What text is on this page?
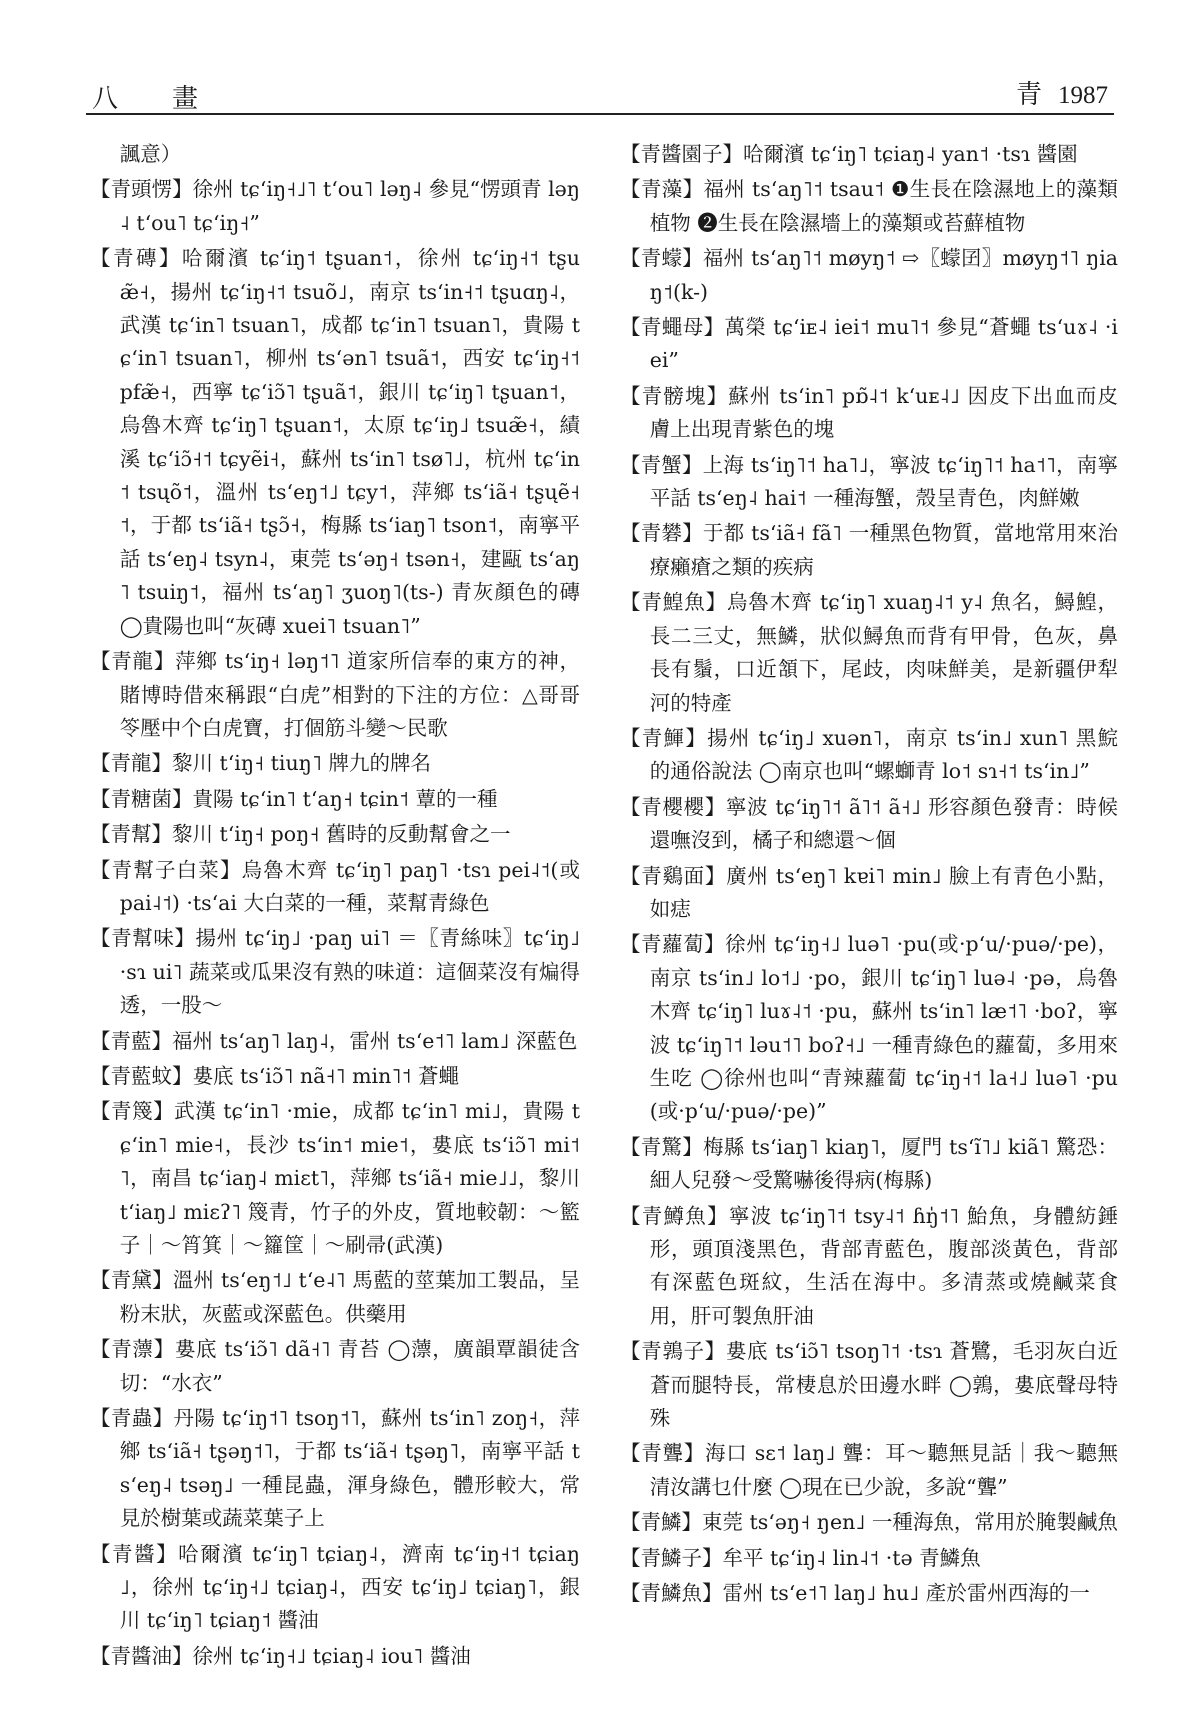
八　畫	青 1987

諷意）

【青頭愣】徐州 tɕʻiŋ˧˩˥ tʻou˥ ləŋ˨ 參見“愣頭青 ləŋ˨ tʻou˥ tɕʻiŋ˧”

【青磚】哈爾濱 tɕʻiŋ˦ tʂuan˦，徐州 tɕʻiŋ˧˦ tʂuæ̃˧，揚州 tɕʻiŋ˧˦ tsuõ˩，南京 tsʻin˧˦ tʂuɑŋ˨，武漢 tɕʻin˥ tsuan˥，成都 tɕʻin˥ tsuan˥，貴陽 tɕʻin˥ tsuan˥，柳州 tsʻən˥ tsuã˦，西安 tɕʻiŋ˧˦ pfæ̃˧，西寧 tɕʻiɔ̃˥ tʂuã˦，銀川 tɕʻiŋ˥ tʂuan˦，烏魯木齊 tɕʻiŋ˥ tʂuan˦，太原 tɕʻiŋ˩ tsuæ̃˧，績溪 tɕʻiɔ̃˧˦ tɕyẽi˧，蘇州 tsʻin˥ tsø˥˩，杭州 tɕʻin˦ tsųõ˦，溫州 tsʻeŋ˦˩ tɕy˦，萍鄉 tsʻiã˧ tʂųẽ˧˦，于都 tsʻiã˧ tʂɔ̃˧，梅縣 tsʻiaŋ˥ tson˦，南寧平話 tsʻeŋ˨ tsyn˨，東莞 tsʻəŋ˧ tsən˧，建甌 tsʻaŋ˥ tsuiŋ˦，福州 tsʻaŋ˥ ʒuoŋ˥(ts-) 青灰顏色的磚 ◯貴陽也叫“灰磚 xuei˥ tsuan˥”

【青龍】萍鄉 tsʻiŋ˧ ləŋ˦˥ 道家所信奉的東方的神，賭博時借來稱跟“白虎”相對的下注的方位：△哥哥笭壓中个白虎寶，打個筋斗變～民歌

【青龍】黎川 tʻiŋ˧ tiuŋ˥ 牌九的牌名

【青糖菌】貴陽 tɕʻin˥ tʻaŋ˧ tɕin˦ 蕈的一種

【青幫】黎川 tʻiŋ˧ poŋ˧ 舊時的反動幫會之一

【青幫子白菜】烏魯木齊 tɕʻiŋ˥ paŋ˥ ·tsɿ pei˨˦(或 pai˨˦) ·tsʻai 大白菜的一種，菜幫青綠色

【青幫味】揚州 tɕʻiŋ˩ ·paŋ ui˥ ＝〖青絲味〗tɕʻiŋ˩ ·sɿ ui˥ 蔬菜或瓜果沒有熟的味道：這個菜沒有煸得透，一股～

【青藍】福州 tsʻaŋ˥ laŋ˨，雷州 tsʻe˦˥ lam˩ 深藍色

【青藍蚊】婁底 tsʻiɔ̃˥ nã˧˥ min˥˦ 蒼蠅

【青篾】武漢 tɕʻin˥ ·mie，成都 tɕʻin˥ mi˩，貴陽 tɕʻin˥ mie˧，長沙 tsʻin˦ mie˦，婁底 tsʻiɔ̃˥ mi˦˥，南昌 tɕʻiaŋ˨ miɛt˥，萍鄉 tsʻiã˧ mie˩˩，黎川 tʻiaŋ˩ miɛʔ˥ 篾青，竹子的外皮，質地較韌：～籃子｜～筲箕｜～籮筐｜～刷帚(武漢)

【青黛】溫州 tsʻeŋ˦˩ tʻe˨˥ 馬藍的莖葉加工製品，呈粉末狀，灰藍或深藍色。供藥用

【青薸】婁底 tsʻiɔ̃˥ dã˧˥ 青苔 ◯薸，廣韻覃韻徒含切：“水衣”

【青蟲】丹陽 tɕʻiŋ˦˥ tsoŋ˦˥，蘇州 tsʻin˥ zoŋ˧，萍鄉 tsʻiã˧ tʂəŋ˦˥，于都 tsʻiã˧ tʂəŋ˥，南寧平話 tsʻeŋ˨ tsəŋ˩ 一種昆蟲，渾身綠色，體形較大，常見於樹葉或蔬菜葉子上

【青醬】哈爾濱 tɕʻiŋ˥ tɕiaŋ˨，濟南 tɕʻiŋ˧˦ tɕiaŋ˩，徐州 tɕʻiŋ˧˩ tɕiaŋ˨，西安 tɕʻiŋ˩ tɕiaŋ˥，銀川 tɕʻiŋ˥ tɕiaŋ˦ 醬油

【青醬油】徐州 tɕʻiŋ˧˩ tɕiaŋ˨ iou˥ 醬油

【青醬園子】哈爾濱 tɕʻiŋ˥ tɕiaŋ˨ yan˦ ·tsɿ 醬園

【青藻】福州 tsʻaŋ˥˦ tsau˦ ❶生長在陰濕地上的藻類植物 ❷生長在陰濕墻上的藻類或苔蘚植物

【青蠓】福州 tsʻaŋ˥˦ møyŋ˦ ⇨〖蠓囝〗møyŋ˦˥ ŋiaŋ˦(k-)

【青蠅母】萬榮 tɕʻiᴇ˨ iei˦ mu˥˦ 參見“蒼蠅 tsʻuɤ˨ ·iei”

【青髈塊】蘇州 tsʻin˥ pɒ̃˨˦ kʻuᴇ˨˩ 因皮下出血而皮膚上出現青紫色的塊

【青蟹】上海 tsʻiŋ˥˦ ha˥˩，寧波 tɕʻiŋ˥˦ ha˦˥，南寧平話 tsʻeŋ˨ hai˦ 一種海蟹，殼呈青色，肉鮮嫩

【青礬】于都 tsʻiã˧ fã˥ 一種黑色物質，當地常用來治療癩瘡之類的疾病

【青鰉魚】烏魯木齊 tɕʻiŋ˥ xuaŋ˨˦ y˨ 魚名，鱘鰉，長二三丈，無鱗，狀似鱘魚而背有甲骨，色灰，鼻長有鬚，口近頷下，尾歧，肉味鮮美，是新疆伊犁河的特產

【青鯶】揚州 tɕʻiŋ˩ xuən˥，南京 tsʻin˩ xun˥ 黑鯇的通俗說法 ◯南京也叫“螺螄青 lo˦ sɿ˧˦ tsʻin˩”

【青櫻櫻】寧波 tɕʻiŋ˥˦ ã˥˦ ã˧˩ 形容顏色發青：時候還嘸沒到，橘子和總還～個

【青鷄面】廣州 tsʻeŋ˥ kɐi˥ min˩ 臉上有青色小點，如痣

【青蘿蔔】徐州 tɕʻiŋ˧˩ luə˥ ·pu(或·pʻu/·puə/·pe)，南京 tsʻin˩ lo˦˩ ·po，銀川 tɕʻiŋ˥ luə˨ ·pə，烏魯木齊 tɕʻiŋ˥ luɤ˨˦ ·pu，蘇州 tsʻin˥ læ˦˥ ·boʔ，寧波 tɕʻiŋ˥˦ ləu˦˥ boʔ˧˩ 一種青綠色的蘿蔔，多用來生吃 ◯徐州也叫“青辣蘿蔔 tɕʻiŋ˧˦ la˧˩ luə˥ ·pu(或·pʻu/·puə/·pe)”

【青驚】梅縣 tsʻiaŋ˥ kiaŋ˥，厦門 tsʻĩ˥˩ kiã˥ 驚恐：細人兒發～受驚嚇後得病(梅縣)

【青鱒魚】寧波 tɕʻiŋ˥˦ tsy˨˦ ɦŋ̍˦˥ 鮐魚，身體紡錘形，頭頂淺黑色，背部青藍色，腹部淡黃色，背部有深藍色斑紋，生活在海中。多清蒸或燒鹹菜食用，肝可製魚肝油

【青鶉子】婁底 tsʻiɔ̃˥ tsoŋ˥˦ ·tsɿ 蒼鷺，毛羽灰白近蒼而腿特長，常棲息於田邊水畔 ◯鶉，婁底聲母特殊

【青聾】海口 sɛ˦ laŋ˩ 聾：耳～聽無見話｜我～聽無清汝講乜什麼 ◯現在已少說，多說“聾”

【青鱗】東莞 tsʻəŋ˧ ŋen˩ 一種海魚，常用於腌製鹹魚

【青鱗子】牟平 tɕʻiŋ˨ lin˨˦ ·tə 青鱗魚

【青鱗魚】雷州 tsʻe˦˥ laŋ˩ hu˩ 產於雷州西海的一
